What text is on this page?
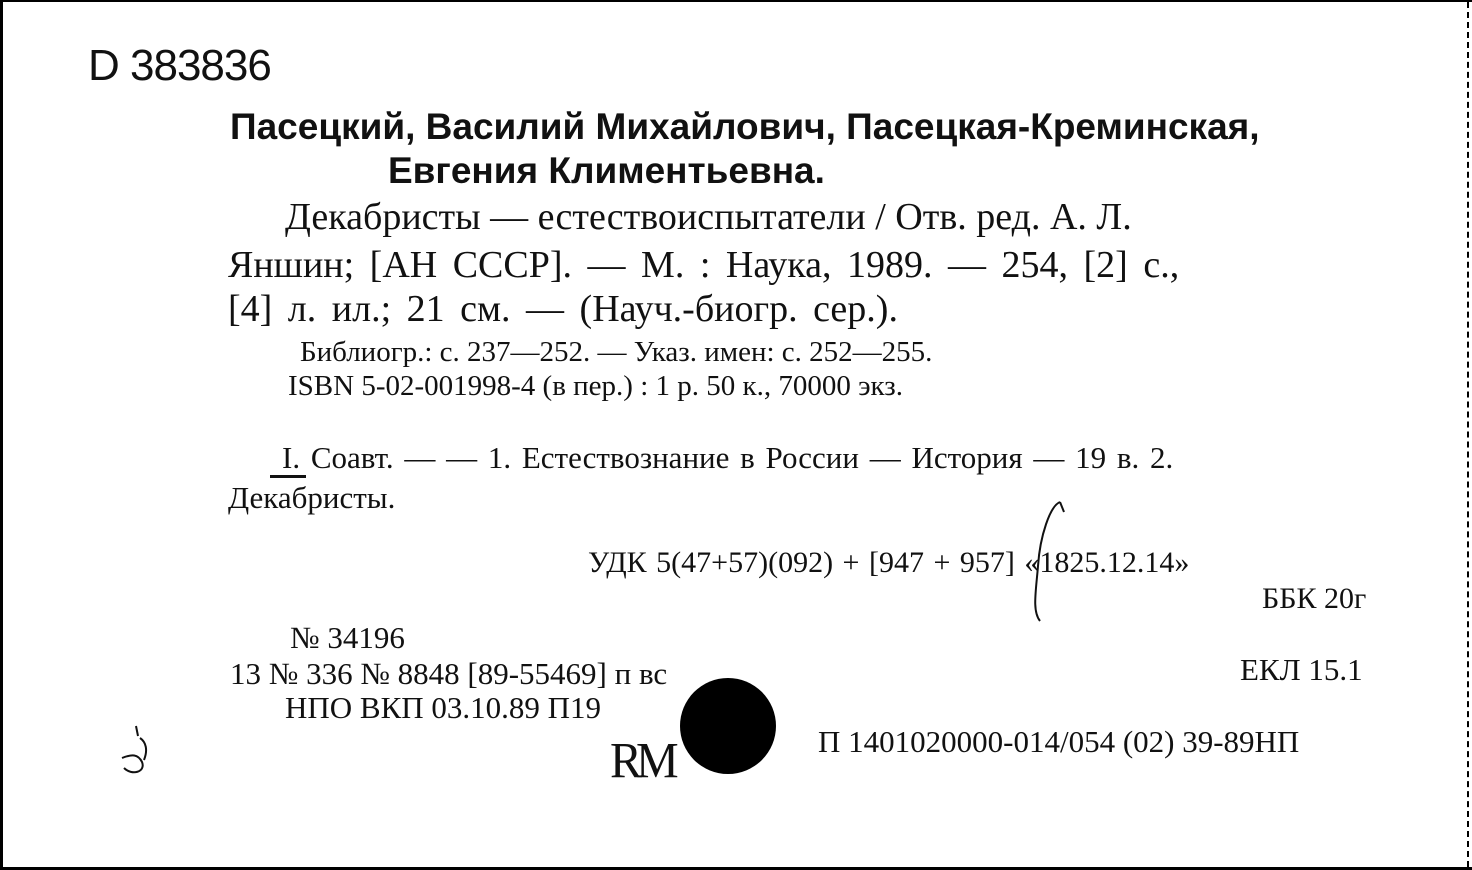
D 383836
Пасецкий, Василий Михайлович, Пасецкая-Креминская,
Евгения Климентьевна.
Декабристы — естествоиспытатели / Отв. ред. А. Л.
Яншин; [АН СССР]. — М. : Наука, 1989. — 254, [2] с.,
[4] л. ил.; 21 см. — (Науч.-биогр. сер.).
Библиогр.: с. 237—252. — Указ. имен: с. 252—255.
ISBN 5-02-001998-4 (в пер.) : 1 р. 50 к., 70000 экз.
I. Соавт. — — 1. Естествознание в России — История — 19 в. 2.
Декабристы.
УДК 5(47+57)(092) + [947 + 957] «1825.12.14»
ББК 20г
№ 34196
13 № 336 № 8848 [89-55469] п вс
НПО ВКП 03.10.89 П19
ЕКЛ 15.1
П 1401020000-014/054 (02) 39-89НП
RM
